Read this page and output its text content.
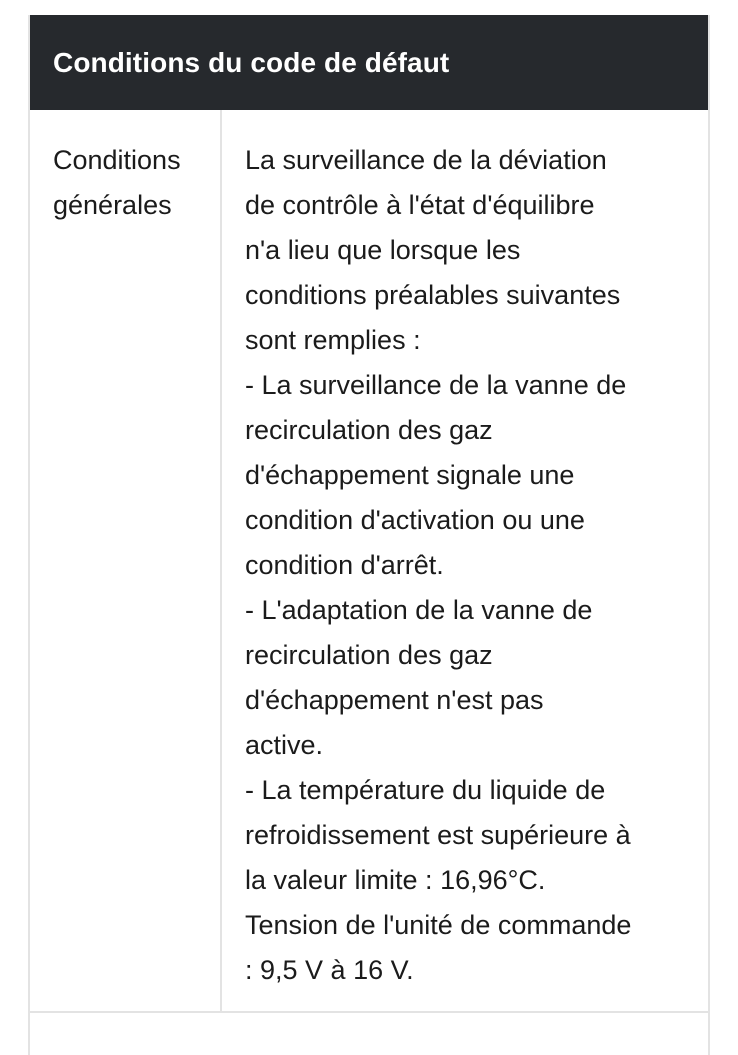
Conditions du code de défaut
Conditions
générales
La surveillance de la déviation
de contrôle à l'état d'équilibre
n'a lieu que lorsque les
conditions préalables suivantes
sont remplies :
- La surveillance de la vanne de
recirculation des gaz
d'échappement signale une
condition d'activation ou une
condition d'arrêt.
- L'adaptation de la vanne de
recirculation des gaz
d'échappement n'est pas
active.
- La température du liquide de
refroidissement est supérieure à
la valeur limite : 16,96°C.
Tension de l'unité de commande
: 9,5 V à 16 V.
